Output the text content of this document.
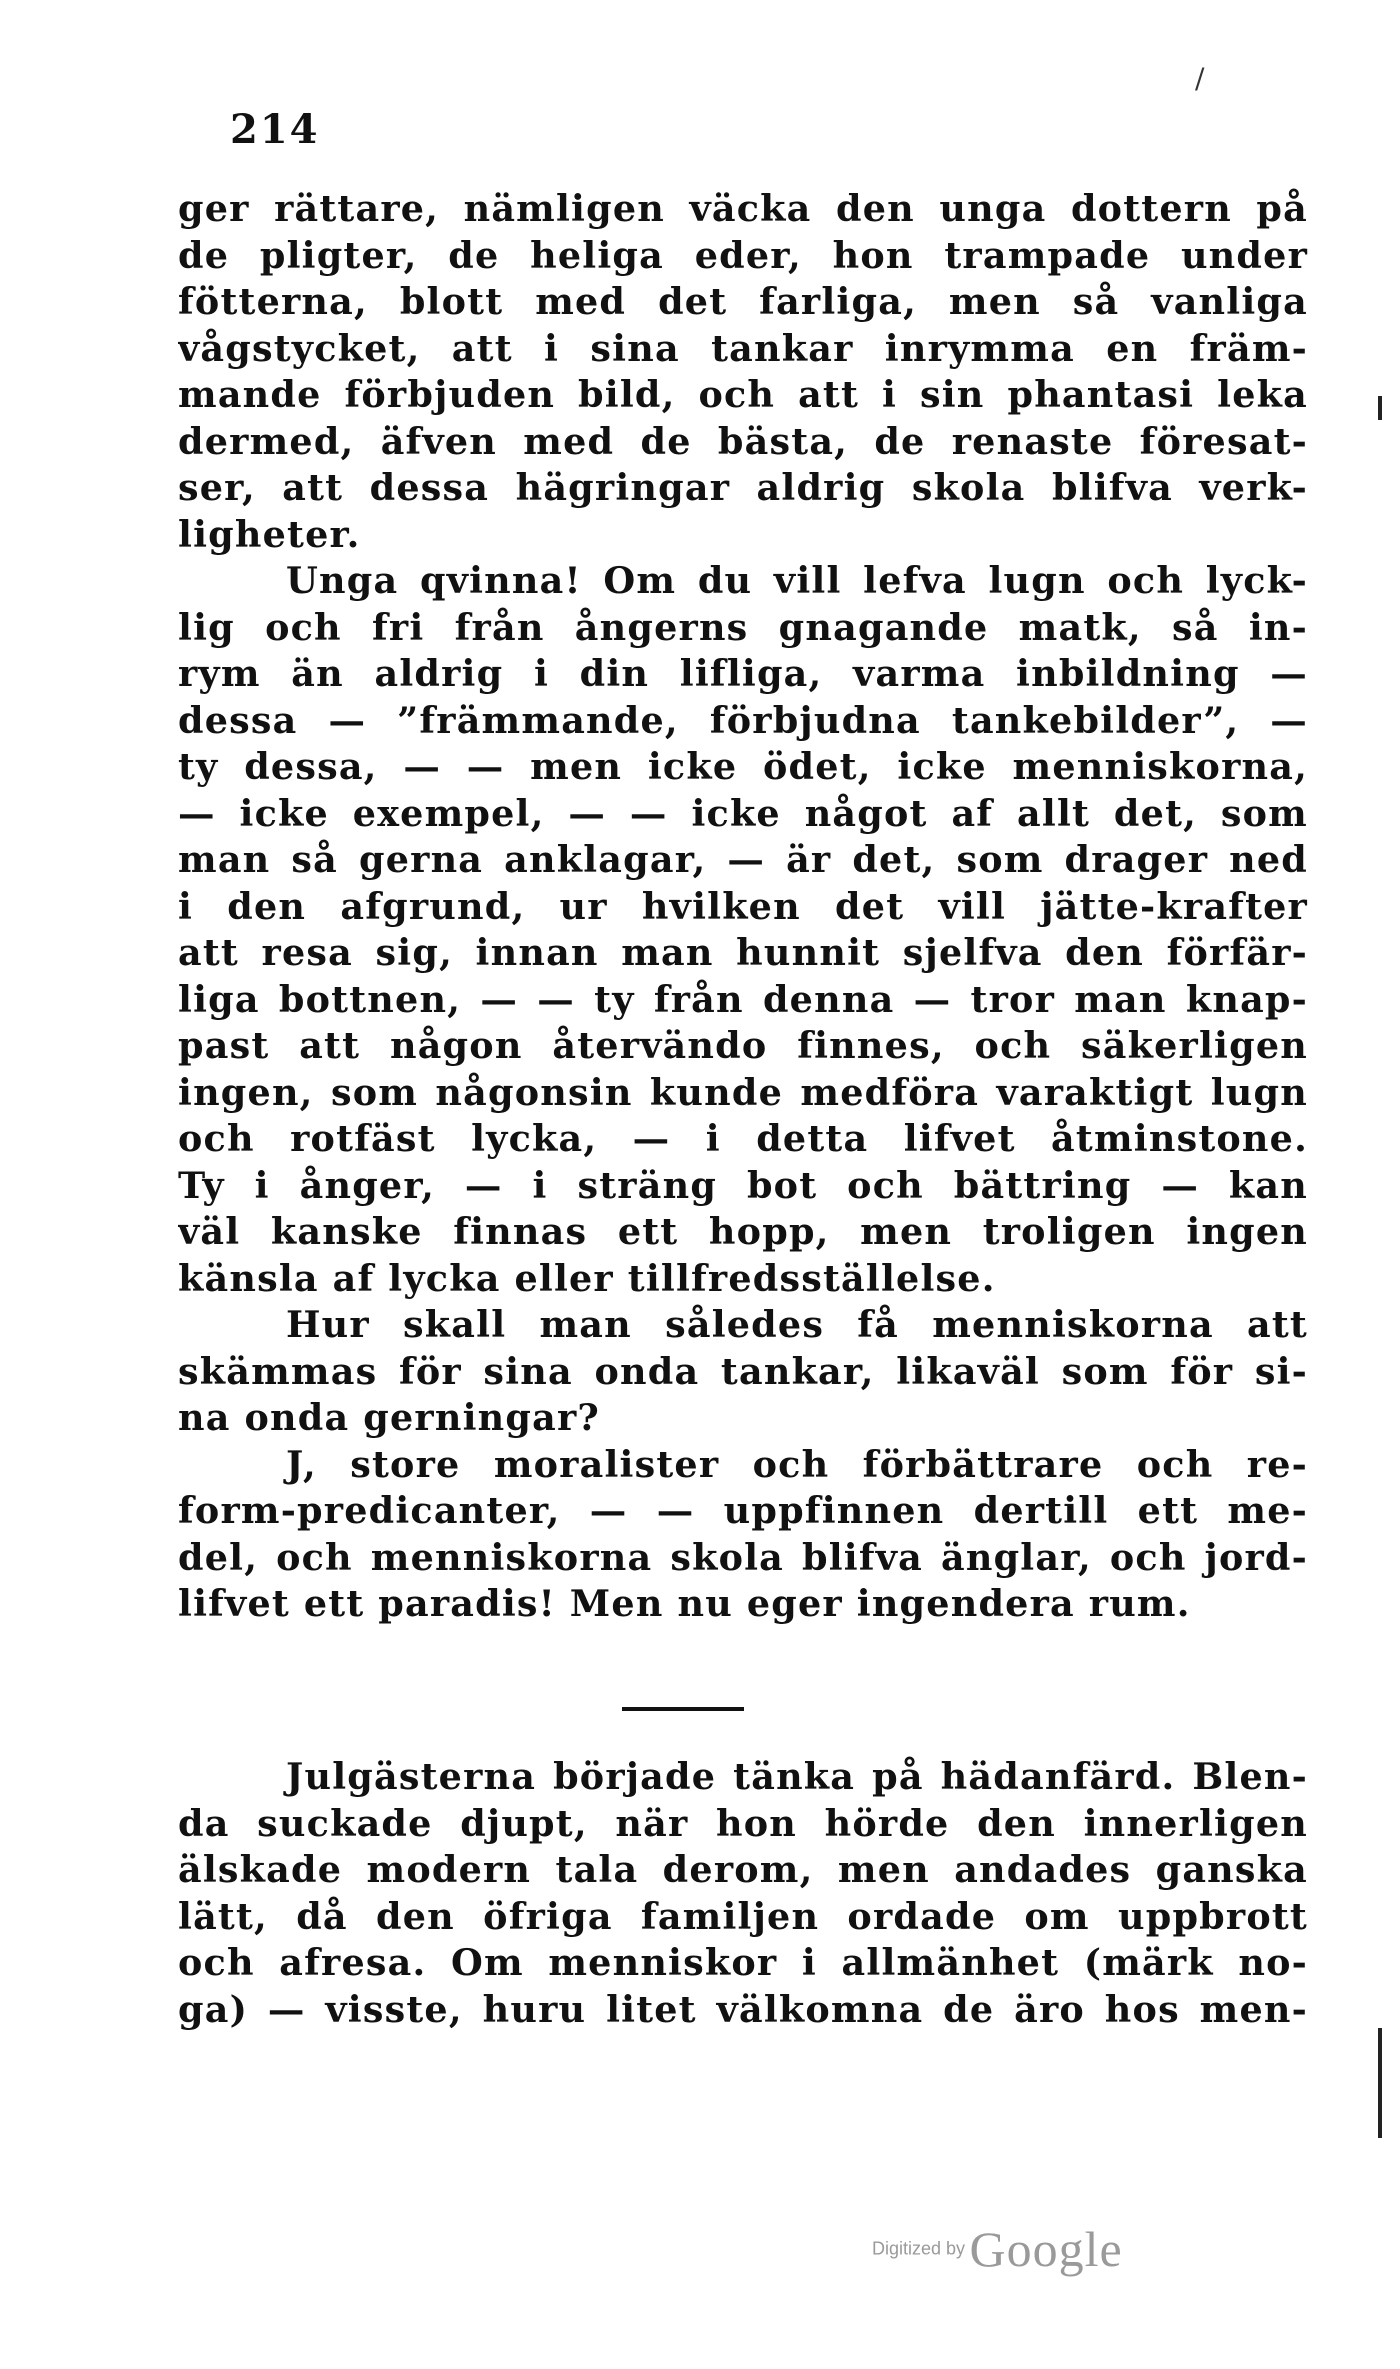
/
214
ger rättare, nämligen väcka den unga dottern på
de pligter, de heliga eder, hon trampade under
fötterna, blott med det farliga, men så vanliga
vågstycket, att i sina tankar inrymma en främ-
mande förbjuden bild, och att i sin phantasi leka
dermed, äfven med de bästa, de renaste föresat-
ser, att dessa hägringar aldrig skola blifva verk-
ligheter.
Unga qvinna! Om du vill lefva lugn och lyck-
lig och fri från ångerns gnagande matk, så in-
rym än aldrig i din lifliga, varma inbildning —
dessa — ”främmande, förbjudna tankebilder”, —
ty dessa, — — men icke ödet, icke menniskorna,
— icke exempel, — — icke något af allt det, som
man så gerna anklagar, — är det, som drager ned
i den afgrund, ur hvilken det vill jätte-krafter
att resa sig, innan man hunnit sjelfva den förfär-
liga bottnen, — — ty från denna — tror man knap-
past att någon återvändo finnes, och säkerligen
ingen, som någonsin kunde medföra varaktigt lugn
och rotfäst lycka, — i detta lifvet åtminstone.
Ty i ånger, — i sträng bot och bättring — kan
väl kanske finnas ett hopp, men troligen ingen
känsla af lycka eller tillfredsställelse.
Hur skall man således få menniskorna att
skämmas för sina onda tankar, likaväl som för si-
na onda gerningar?
J, store moralister och förbättrare och re-
form-predicanter, — — uppfinnen dertill ett me-
del, och menniskorna skola blifva änglar, och jord-
lifvet ett paradis! Men nu eger ingendera rum.
Julgästerna började tänka på hädanfärd. Blen-
da suckade djupt, när hon hörde den innerligen
älskade modern tala derom, men andades ganska
lätt, då den öfriga familjen ordade om uppbrott
och afresa. Om menniskor i allmänhet (märk no-
ga) — visste, huru litet välkomna de äro hos men-
Digitized by Google
